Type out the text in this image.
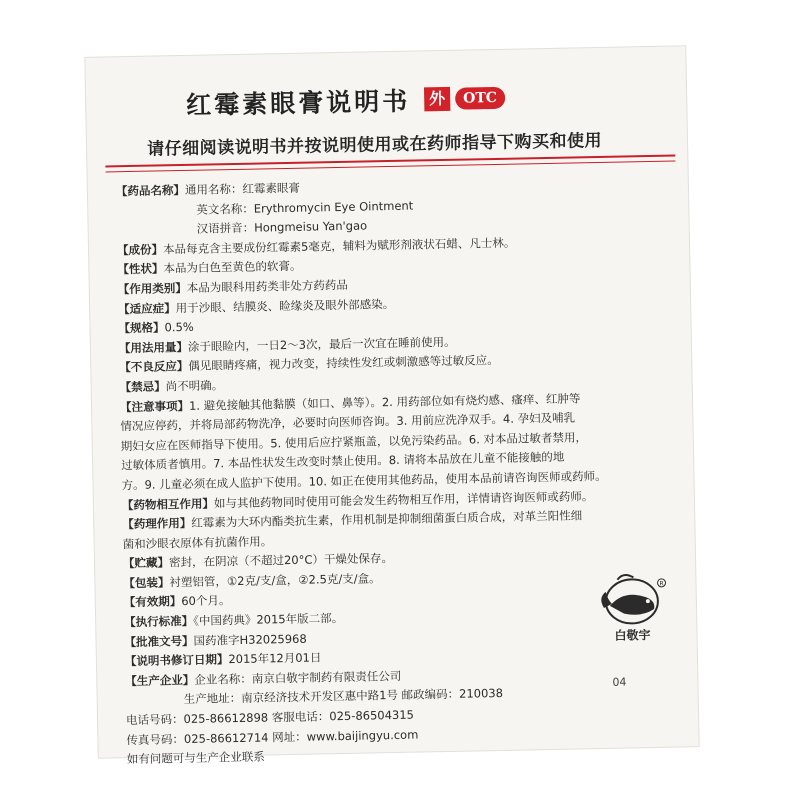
红霉素眼膏说明书	外	OTC
请仔细阅读说明书并按说明使用或在药师指导下购买和使用
【药品名称】通用名称：红霉素眼膏
英文名称：Erythromycin Eye Ointment
汉语拼音：Hongmeisu Yan'gao
【成份】本品每克含主要成份红霉素5毫克，辅料为赋形剂液状石蜡、凡士林。
【性状】本品为白色至黄色的软膏。
【作用类别】本品为眼科用药类非处方药药品
【适应症】用于沙眼、结膜炎、睑缘炎及眼外部感染。
【规格】0.5%
【用法用量】涂于眼睑内，一日2～3次，最后一次宜在睡前使用。
【不良反应】偶见眼睛疼痛，视力改变，持续性发红或刺激感等过敏反应。
【禁忌】尚不明确。
【注意事项】1. 避免接触其他黏膜（如口、鼻等）。2. 用药部位如有烧灼感、瘙痒、红肿等
情况应停药，并将局部药物洗净，必要时向医师咨询。3. 用前应洗净双手。4. 孕妇及哺乳
期妇女应在医师指导下使用。5. 使用后应拧紧瓶盖，以免污染药品。6. 对本品过敏者禁用，
过敏体质者慎用。7. 本品性状发生改变时禁止使用。8. 请将本品放在儿童不能接触的地
方。9. 儿童必须在成人监护下使用。10. 如正在使用其他药品，使用本品前请咨询医师或药师。
【药物相互作用】如与其他药物同时使用可能会发生药物相互作用，详情请咨询医师或药师。
【药理作用】红霉素为大环内酯类抗生素，作用机制是抑制细菌蛋白质合成，对革兰阳性细
菌和沙眼衣原体有抗菌作用。
【贮藏】密封，在阴凉（不超过20°C）干燥处保存。
【包装】衬塑铝管，①2克/支/盒，②2.5克/支/盒。
【有效期】60个月。
【执行标准】《中国药典》2015年版二部。
【批准文号】国药准字H32025968
【说明书修订日期】2015年12月01日
【生产企业】企业名称：南京白敬宇制药有限责任公司
生产地址：南京经济技术开发区惠中路1号 邮政编码：210038
电话号码：025-86612898 客服电话：025-86504315
传真号码：025-86612714 网址：www.baijingyu.com
如有问题可与生产企业联系
R
白敬宇
04
